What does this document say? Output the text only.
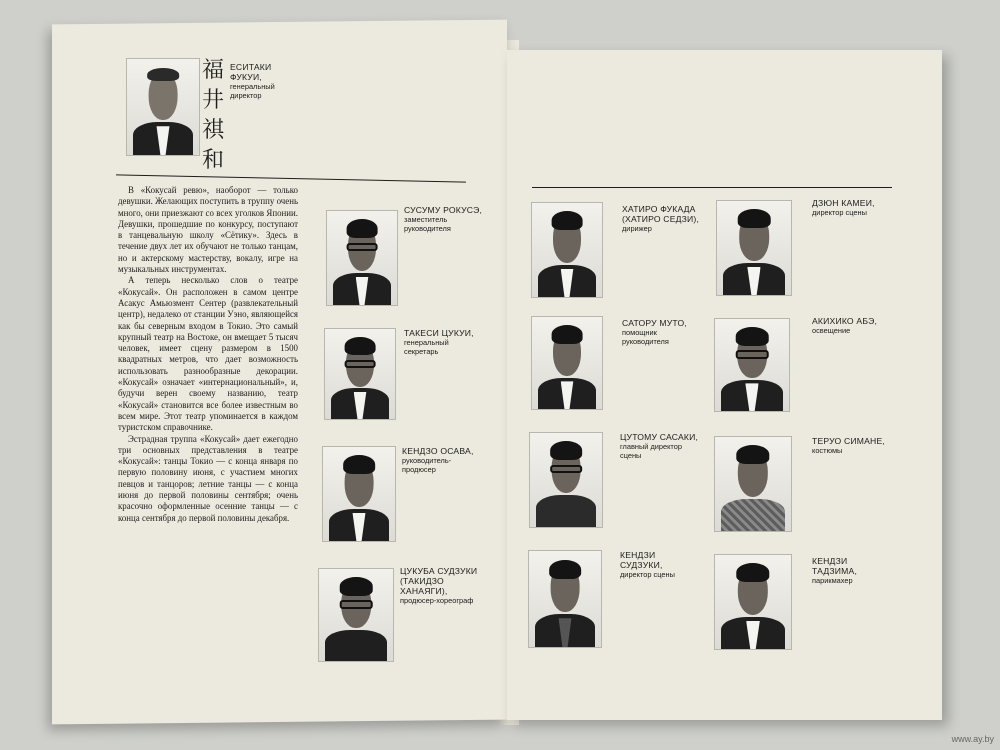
福
井
祺
和
ЕСИТАКИ ФУКУИ,
генеральный директор

В «Кокусай ревю», наоборот — только девушки. Желающих поступить в труппу очень много, они приезжают со всех уголков Японии. Девушки, прошедшие по конкурсу, поступают в танцевальную школу «Сётику». Здесь в течение двух лет их обучают не только танцам, но и актерскому мастерству, вокалу, игре на музыкальных инструментах.

А теперь несколько слов о театре «Кокусай». Он расположен в самом центре Асакус Амьюзмент Сентер (развлекательный центр), недалеко от станции Уэно, являющейся как бы северным входом в Токио. Это самый крупный театр на Востоке, он вмещает 5 тысяч человек, имеет сцену размером в 1500 квадратных метров, что дает возможность использовать разнообразные декорации. «Кокусай» означает «интернациональный», и, будучи верен своему названию, театр «Кокусай» становится все более известным во всем мире. Этот театр упоминается в каждом туристском справочнике.

Эстрадная труппа «Кокусай» дает ежегодно три основных представления в театре «Кокусай»: танцы Токио — с конца января по первую половину июня, с участием многих певцов и танцоров; летние танцы — с конца июня до первой половины сентября; очень красочно оформленные осенние танцы — с конца сентября до первой половины декабря.

СУСУМУ РОКУСЭ,
заместитель руководителя
ТАКЕСИ ЦУКУИ,
генеральный секретарь
КЕНДЗО ОСАВА,
руководитель-продюсер
ЦУКУБА СУДЗУКИ (ТАКИДЗО ХАНАЯГИ),
продюсер-хореограф
ХАТИРО ФУКАДА (ХАТИРО СЕДЗИ),
дирижер
САТОРУ МУТО,
помощник руководителя
ЦУТОМУ САСАКИ,
главный директор сцены
КЕНДЗИ СУДЗУКИ,
директор сцены
ДЗЮН КАМЕИ,
директор сцены
АКИХИКО АБЭ,
освещение
ТЕРУО СИМАНЕ,
костюмы
КЕНДЗИ ТАДЗИМА,
парикмахер
www.ay.by
